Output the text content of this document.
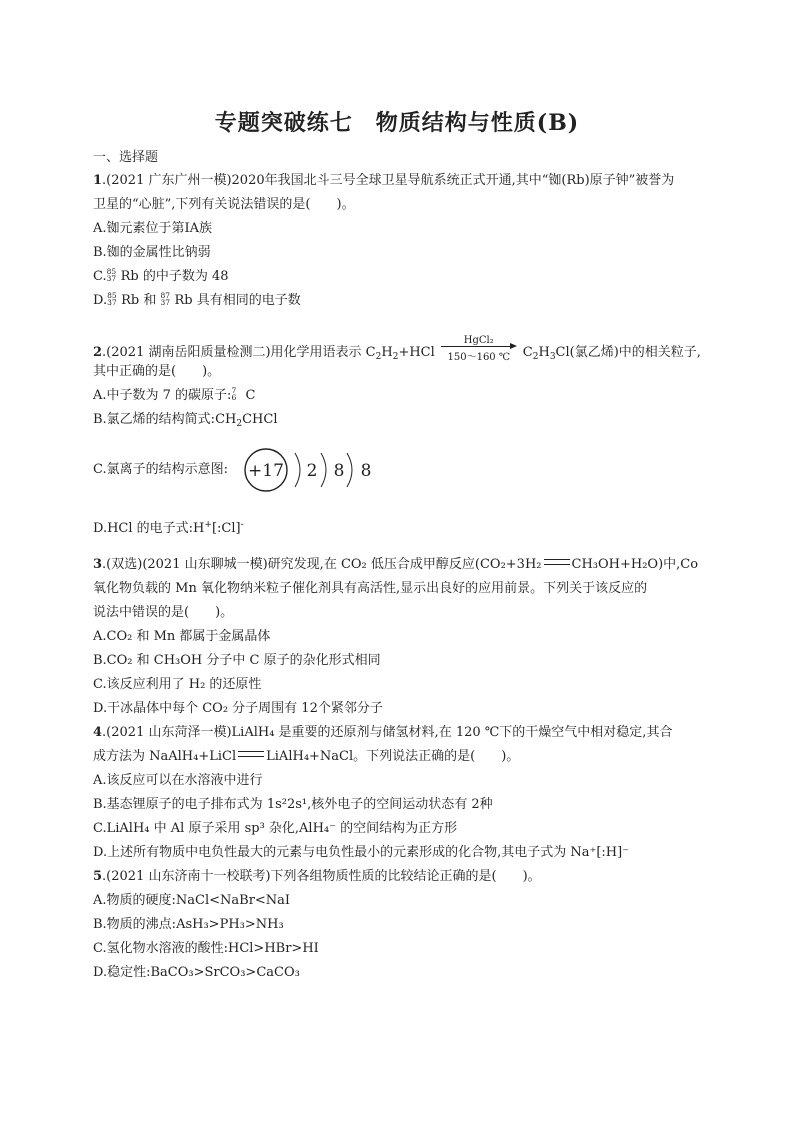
专题突破练七　物质结构与性质(B)
一、选择题
1.(2021 广东广州一模)2020年我国北斗三号全球卫星导航系统正式开通,其中“铷(Rb)原子钟”被誉为
卫星的“心脏”,下列有关说法错误的是(　　)。
A.铷元素位于第ⅠA族
B.铷的金属性比钠弱
C. 85
37 Rb 的中子数为 48
D. 85
37 Rb 和 87
37 Rb 具有相同的电子数
2.(2021 湖南岳阳质量检测二)用化学用语表示 $C_2H_2+HCl$
HgCl₂
150～160 ℃ $C_2H_3Cl$(氯乙烯)中的相关粒子,
其中正确的是(　　)。
A.中子数为 7 的碳原子: 7
6 C
B.氯乙烯的结构简式$:CH_2CHCl$
C.氯离子的结构示意图: +17 2 8 8
D.HCl 的电子式:H+[:Cl]-
3.(双选)(2021 山东聊城一模)研究发现,在 CO₂ 低压合成甲醇反应(CO₂+3H₂ CH₃OH+H₂O)中,Co
氧化物负载的 Mn 氧化物纳米粒子催化剂具有高活性,显示出良好的应用前景。下列关于该反应的
说法中错误的是(　　)。
A.CO₂ 和 Mn 都属于金属晶体
B.CO₂ 和 CH₃OH 分子中 C 原子的杂化形式相同
C.该反应利用了 H₂ 的还原性
D.干冰晶体中每个 CO₂ 分子周围有 12个紧邻分子
4.(2021 山东菏泽一模)LiAlH₄ 是重要的还原剂与储氢材料,在 120 ℃下的干燥空气中相对稳定,其合
成方法为 NaAlH₄+LiCl LiAlH₄+NaCl。下列说法正确的是(　　)。
A.该反应可以在水溶液中进行
B.基态锂原子的电子排布式为 1s²2s¹,核外电子的空间运动状态有 2种
C.LiAlH₄ 中 Al 原子采用 sp³ 杂化,AlH₄⁻ 的空间结构为正方形
D.上述所有物质中电负性最大的元素与电负性最小的元素形成的化合物,其电子式为 Na⁺[:H]⁻
5.(2021 山东济南十一校联考)下列各组物质性质的比较结论正确的是(　　)。
A.物质的硬度:NaCl<NaBr<NaI
B.物质的沸点:AsH₃>PH₃>NH₃
C.氢化物水溶液的酸性:HCl>HBr>HI
D.稳定性:BaCO₃>SrCO₃>CaCO₃
